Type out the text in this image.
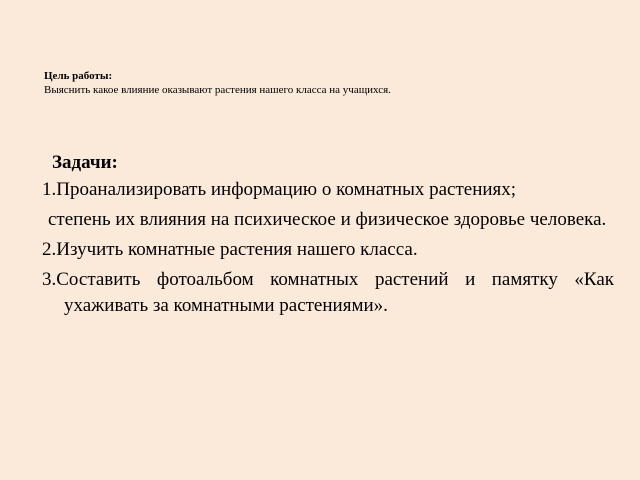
Цель работы:
Выяснить какое влияние оказывают растения нашего класса на учащихся.
Задачи:

1.Проанализировать информацию о комнатных растениях;

степень их влияния на психическое и физическое здоровье человека.

2.Изучить комнатные растения нашего класса.

3.Составить фотоальбом комнатных растений и памятку «Как ухаживать за комнатными растениями».
